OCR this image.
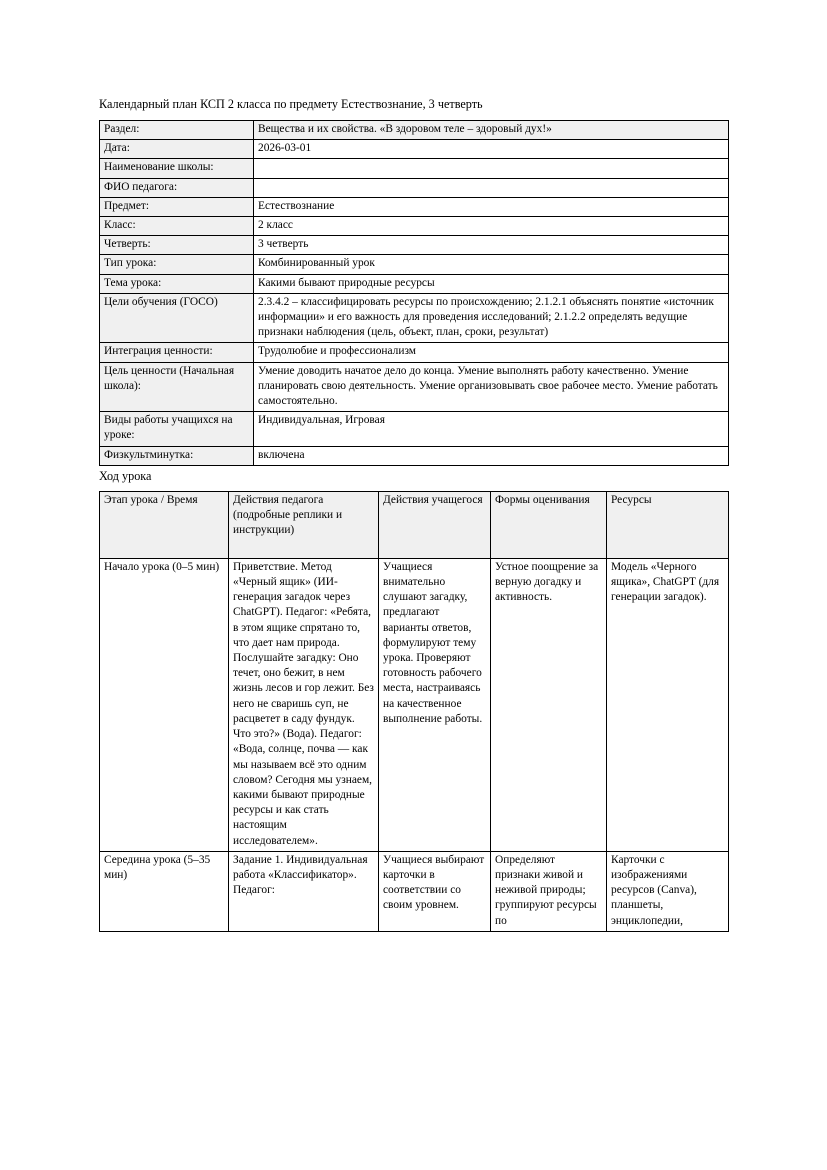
Календарный план КСП 2 класса по предмету Естествознание, 3 четверть
Раздел:	Вещества и их свойства. «В здоровом теле – здоровый дух!»
Дата:	2026-03-01
Наименование школы:	
ФИО педагога:	
Предмет:	Естествознание
Класс:	2 класс
Четверть:	3 четверть
Тип урока:	Комбинированный урок
Тема урока:	Какими бывают природные ресурсы
Цели обучения (ГОСО)	2.3.4.2 – классифицировать ресурсы по происхождению; 2.1.2.1 объяснять понятие «источник информации» и его важность для проведения исследований; 2.1.2.2 определять ведущие признаки наблюдения (цель, объект, план, сроки, результат)
Интеграция ценности:	Трудолюбие и профессионализм
Цель ценности (Начальная школа):	Умение доводить начатое дело до конца. Умение выполнять работу качественно. Умение планировать свою деятельность. Умение организовывать свое рабочее место. Умение работать самостоятельно.
Виды работы учащихся на уроке:	Индивидуальная, Игровая
Физкультминутка:	включена
Ход урока
Этап урока / Время	Действия педагога (подробные реплики и инструкции)	Действия учащегося	Формы оценивания	Ресурсы
Начало урока (0–5 мин)	Приветствие. Метод «Черный ящик» (ИИ-генерация загадок через ChatGPT). Педагог: «Ребята, в этом ящике спрятано то, что дает нам природа. Послушайте загадку: Оно течет, оно бежит, в нем жизнь лесов и гор лежит. Без него не сваришь суп, не расцветет в саду фундук. Что это?» (Вода). Педагог: «Вода, солнце, почва — как мы называем всё это одним словом? Сегодня мы узнаем, какими бывают природные ресурсы и как стать настоящим исследователем».	Учащиеся внимательно слушают загадку, предлагают варианты ответов, формулируют тему урока. Проверяют готовность рабочего места, настраиваясь на качественное выполнение работы.	Устное поощрение за верную догадку и активность.	Модель «Черного ящика», ChatGPT (для генерации загадок).
Середина урока (5–35 мин)	Задание 1. Индивидуальная работа «Классификатор». Педагог:	Учащиеся выбирают карточки в соответствии со своим уровнем.	Определяют признаки живой и неживой природы; группируют ресурсы по	Карточки с изображениями ресурсов (Canva), планшеты, энциклопедии,
